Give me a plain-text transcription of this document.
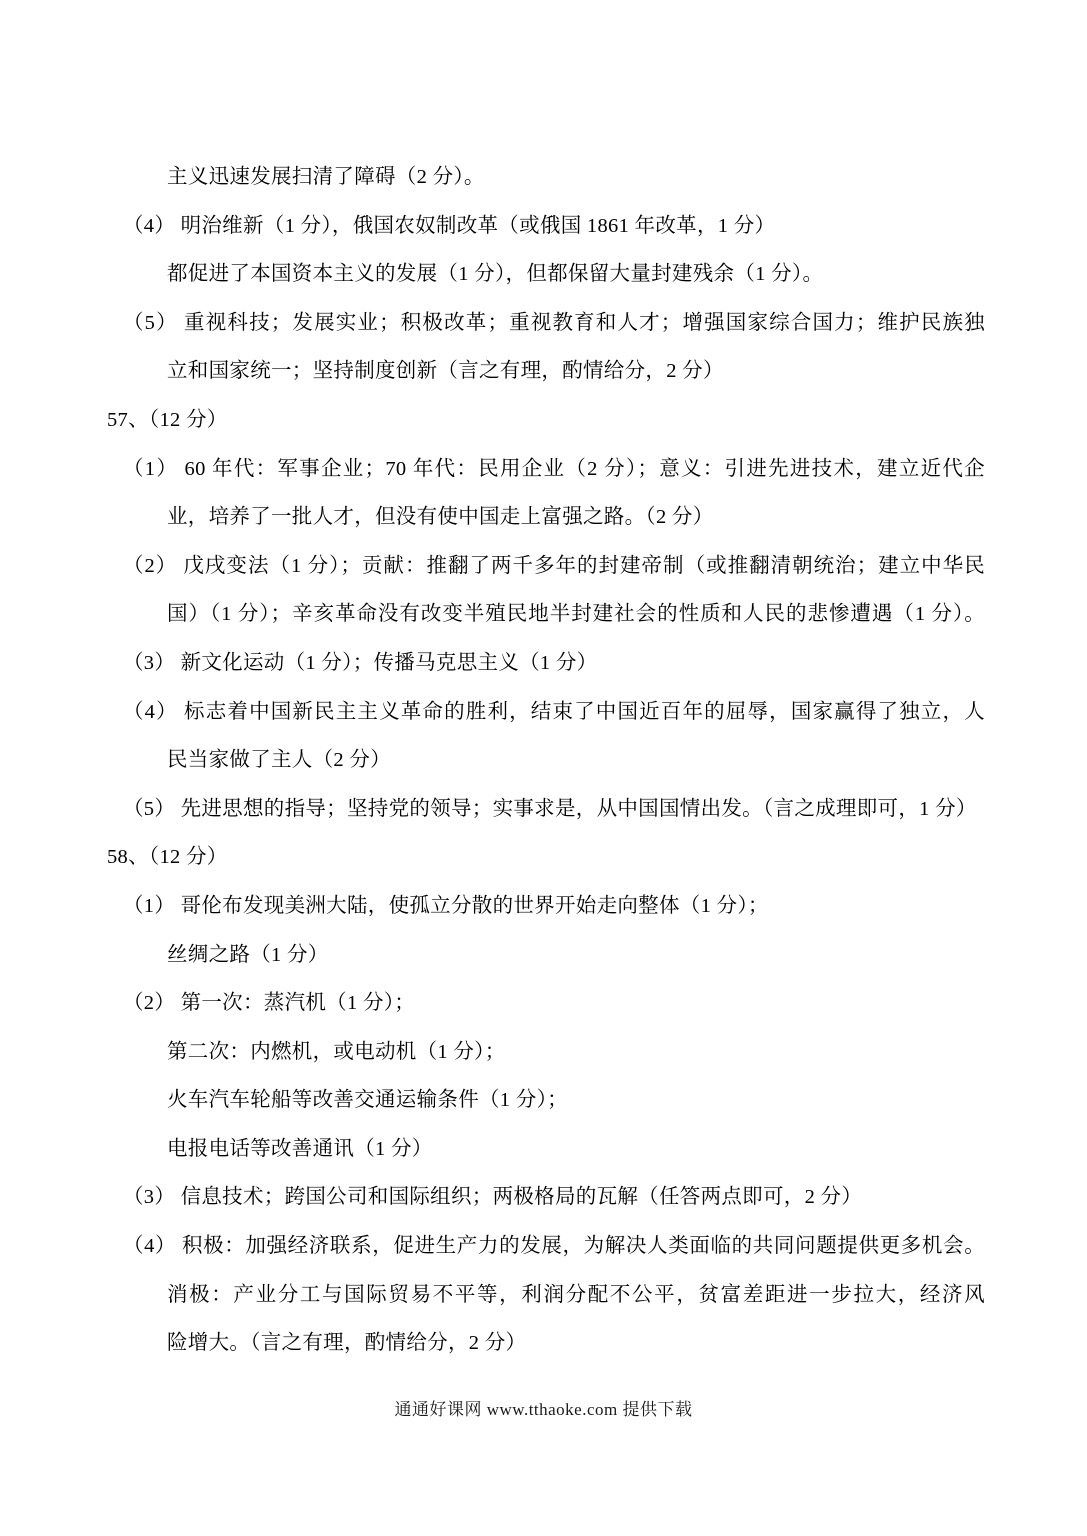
主义迅速发展扫清了障碍（2 分）。
（4） 明治维新（1 分），俄国农奴制改革（或俄国 1861 年改革，1 分）
都促进了本国资本主义的发展（1 分），但都保留大量封建残余（1 分）。
（5） 重视科技；发展实业；积极改革；重视教育和人才；增强国家综合国力；维护民族独
立和国家统一；坚持制度创新（言之有理，酌情给分，2 分）
57、（12 分）
（1） 60 年代：军事企业；70 年代：民用企业（2 分）；意义：引进先进技术，建立近代企
业，培养了一批人才，但没有使中国走上富强之路。（2 分）
（2） 戊戌变法（1 分）；贡献：推翻了两千多年的封建帝制（或推翻清朝统治；建立中华民
国）（1 分）；辛亥革命没有改变半殖民地半封建社会的性质和人民的悲惨遭遇（1 分）。
（3） 新文化运动（1 分）；传播马克思主义（1 分）
（4） 标志着中国新民主主义革命的胜利，结束了中国近百年的屈辱，国家赢得了独立，人
民当家做了主人（2 分）
（5） 先进思想的指导；坚持党的领导；实事求是，从中国国情出发。（言之成理即可，1 分）
58、（12 分）
（1） 哥伦布发现美洲大陆，使孤立分散的世界开始走向整体（1 分）；
丝绸之路（1 分）
（2） 第一次：蒸汽机（1 分）；
第二次：内燃机，或电动机（1 分）；
火车汽车轮船等改善交通运输条件（1 分）；
电报电话等改善通讯（1 分）
（3） 信息技术；跨国公司和国际组织；两极格局的瓦解（任答两点即可，2 分）
（4） 积极：加强经济联系，促进生产力的发展，为解决人类面临的共同问题提供更多机会。
消极：产业分工与国际贸易不平等，利润分配不公平，贫富差距进一步拉大，经济风
险增大。（言之有理，酌情给分，2 分）
通通好课网 www.tthaoke.com 提供下载
